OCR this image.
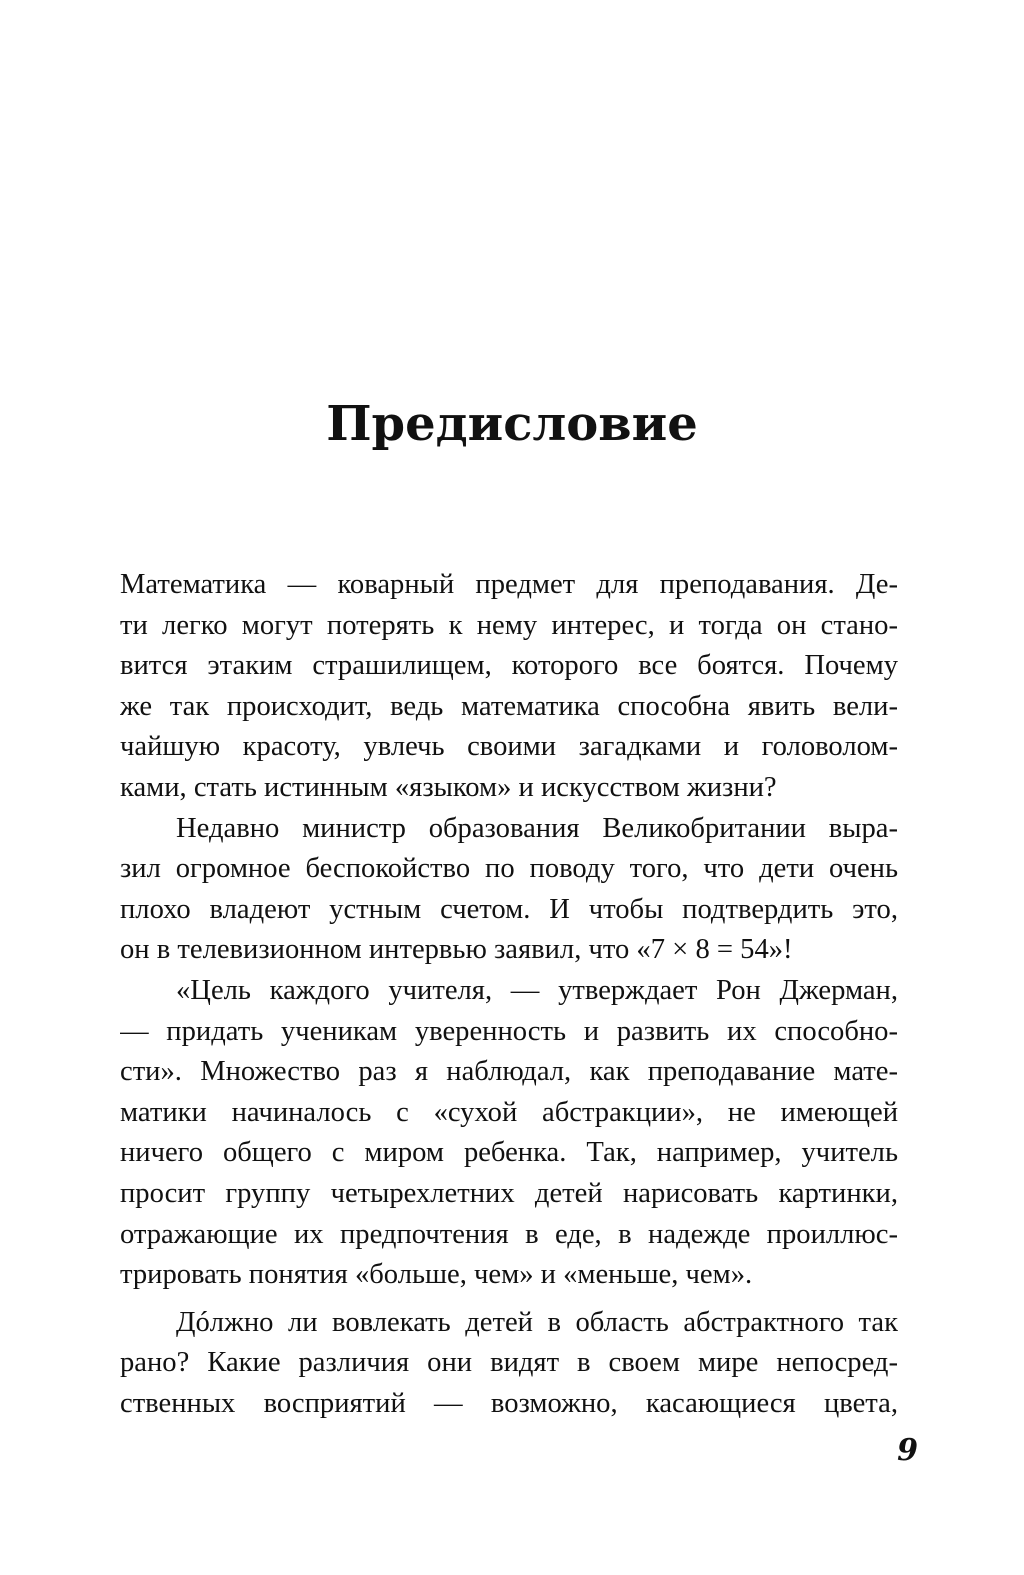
Предисловие

Математика — коварный предмет для преподавания. Де-
ти легко могут потерять к нему интерес, и тогда он стано-
вится этаким страшилищем, которого все боятся. Почему
же так происходит, ведь математика способна явить вели-
чайшую красоту, увлечь своими загадками и головолом-
ками, стать истинным «языком» и искусством жизни?

Недавно министр образования Великобритании выра-
зил огромное беспокойство по поводу того, что дети очень
плохо владеют устным счетом. И чтобы подтвердить это,
он в телевизионном интервью заявил, что «7 × 8 = 54»!

«Цель каждого учителя, — утверждает Рон Джерман,
— придать ученикам уверенность и развить их способно-
сти». Множество раз я наблюдал, как преподавание мате-
матики начиналось с «сухой абстракции», не имеющей
ничего общего с миром ребенка. Так, например, учитель
просит группу четырехлетних детей нарисовать картинки,
отражающие их предпочтения в еде, в надежде проиллюс-
трировать понятия «больше, чем» и «меньше, чем».

Дóлжно ли вовлекать детей в область абстрактного так
рано? Какие различия они видят в своем мире непосред-
ственных восприятий — возможно, касающиеся цвета,

9
